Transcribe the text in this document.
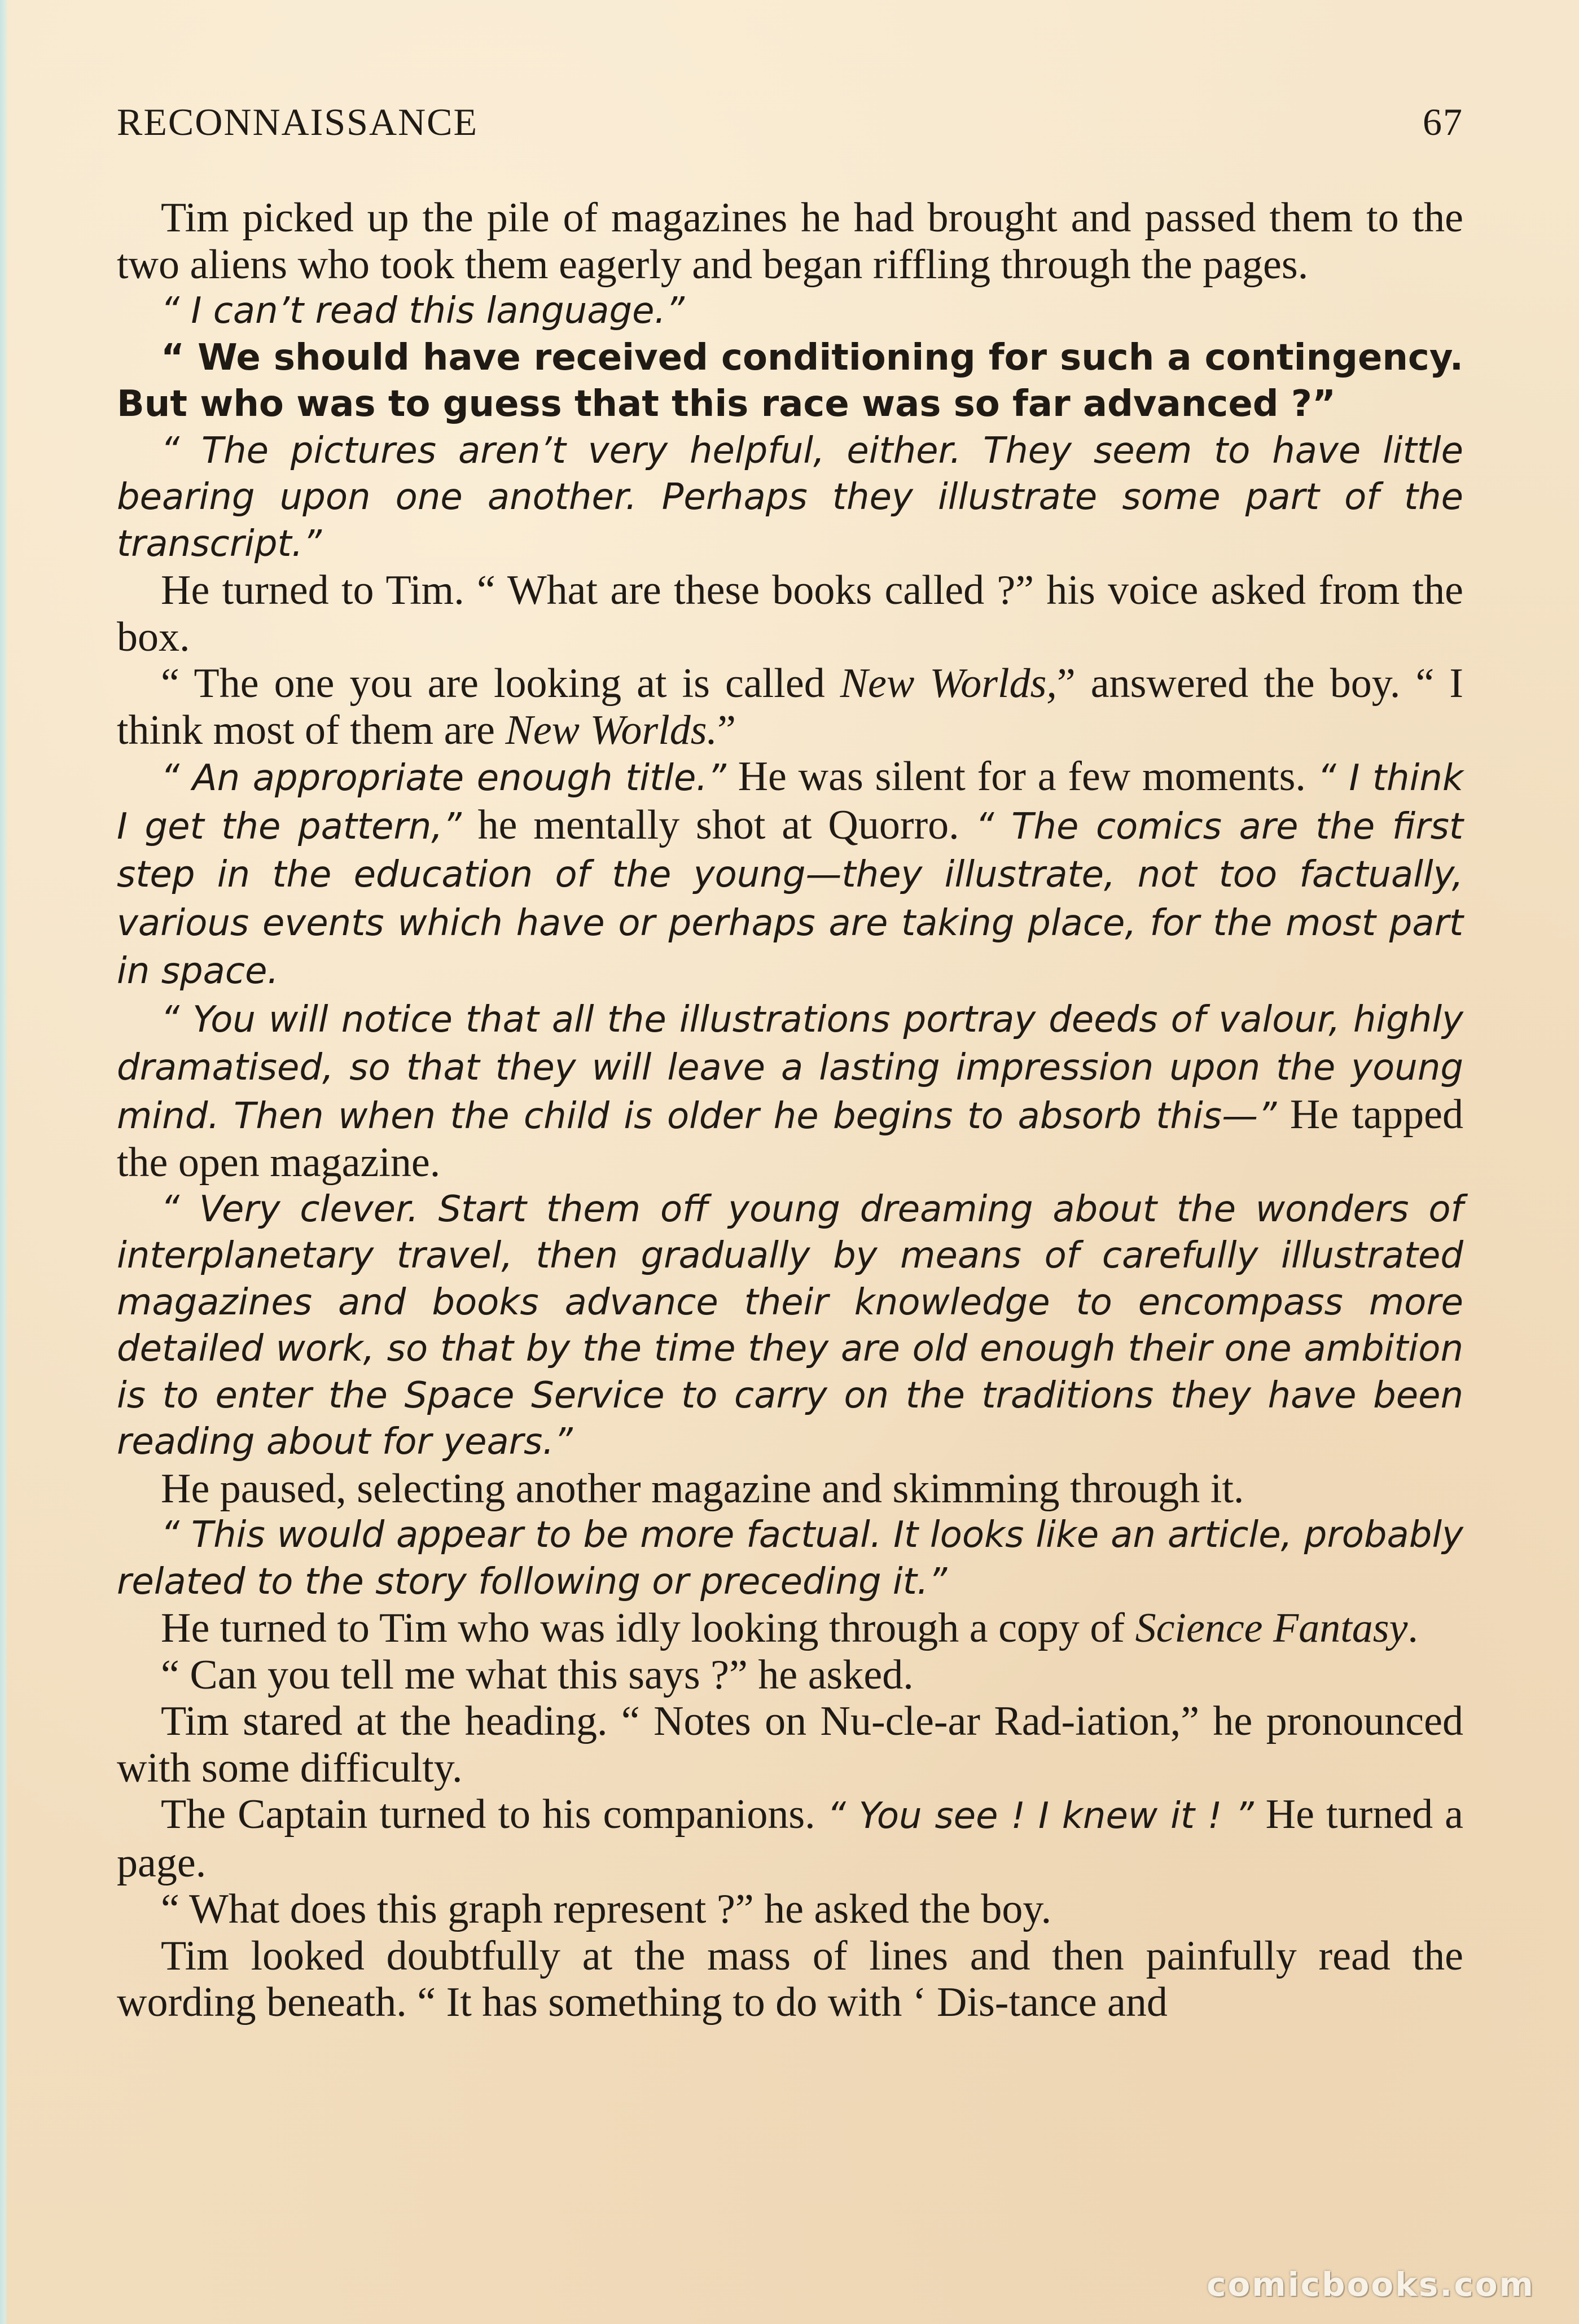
RECONNAISSANCE	67

Tim picked up the pile of magazines he had brought and passed them to the two aliens who took them eagerly and began riffling through the pages.

“ I can’t read this language.”

“ We should have received conditioning for such a contingency. But who was to guess that this race was so far advanced ?”

“ The pictures aren’t very helpful, either. They seem to have little bearing upon one another. Perhaps they illustrate some part of the transcript.”

He turned to Tim. “ What are these books called ?” his voice asked from the box.

“ The one you are looking at is called New Worlds,” answered the boy. “ I think most of them are New Worlds.”

“ An appropriate enough title.” He was silent for a few moments. “ I think I get the pattern,” he mentally shot at Quorro. “ The comics are the first step in the education of the young—they illustrate, not too factually, various events which have or perhaps are taking place, for the most part in space.

“ You will notice that all the illustrations portray deeds of valour, highly dramatised, so that they will leave a lasting impression upon the young mind. Then when the child is older he begins to absorb this—” He tapped the open magazine.

“ Very clever. Start them off young dreaming about the wonders of interplanetary travel, then gradually by means of carefully illustrated magazines and books advance their knowledge to encompass more detailed work, so that by the time they are old enough their one ambition is to enter the Space Service to carry on the traditions they have been reading about for years.”

He paused, selecting another magazine and skimming through it.

“ This would appear to be more factual. It looks like an article, probably related to the story following or preceding it.”

He turned to Tim who was idly looking through a copy of Science Fantasy.

“ Can you tell me what this says ?” he asked.

Tim stared at the heading. “ Notes on Nu-cle-ar Rad-iation,” he pronounced with some difficulty.

The Captain turned to his companions. “ You see ! I knew it ! ” He turned a page.

“ What does this graph represent ?” he asked the boy.

Tim looked doubtfully at the mass of lines and then painfully read the wording beneath. “ It has something to do with ‘ Dis-tance and

comicbooks.com
